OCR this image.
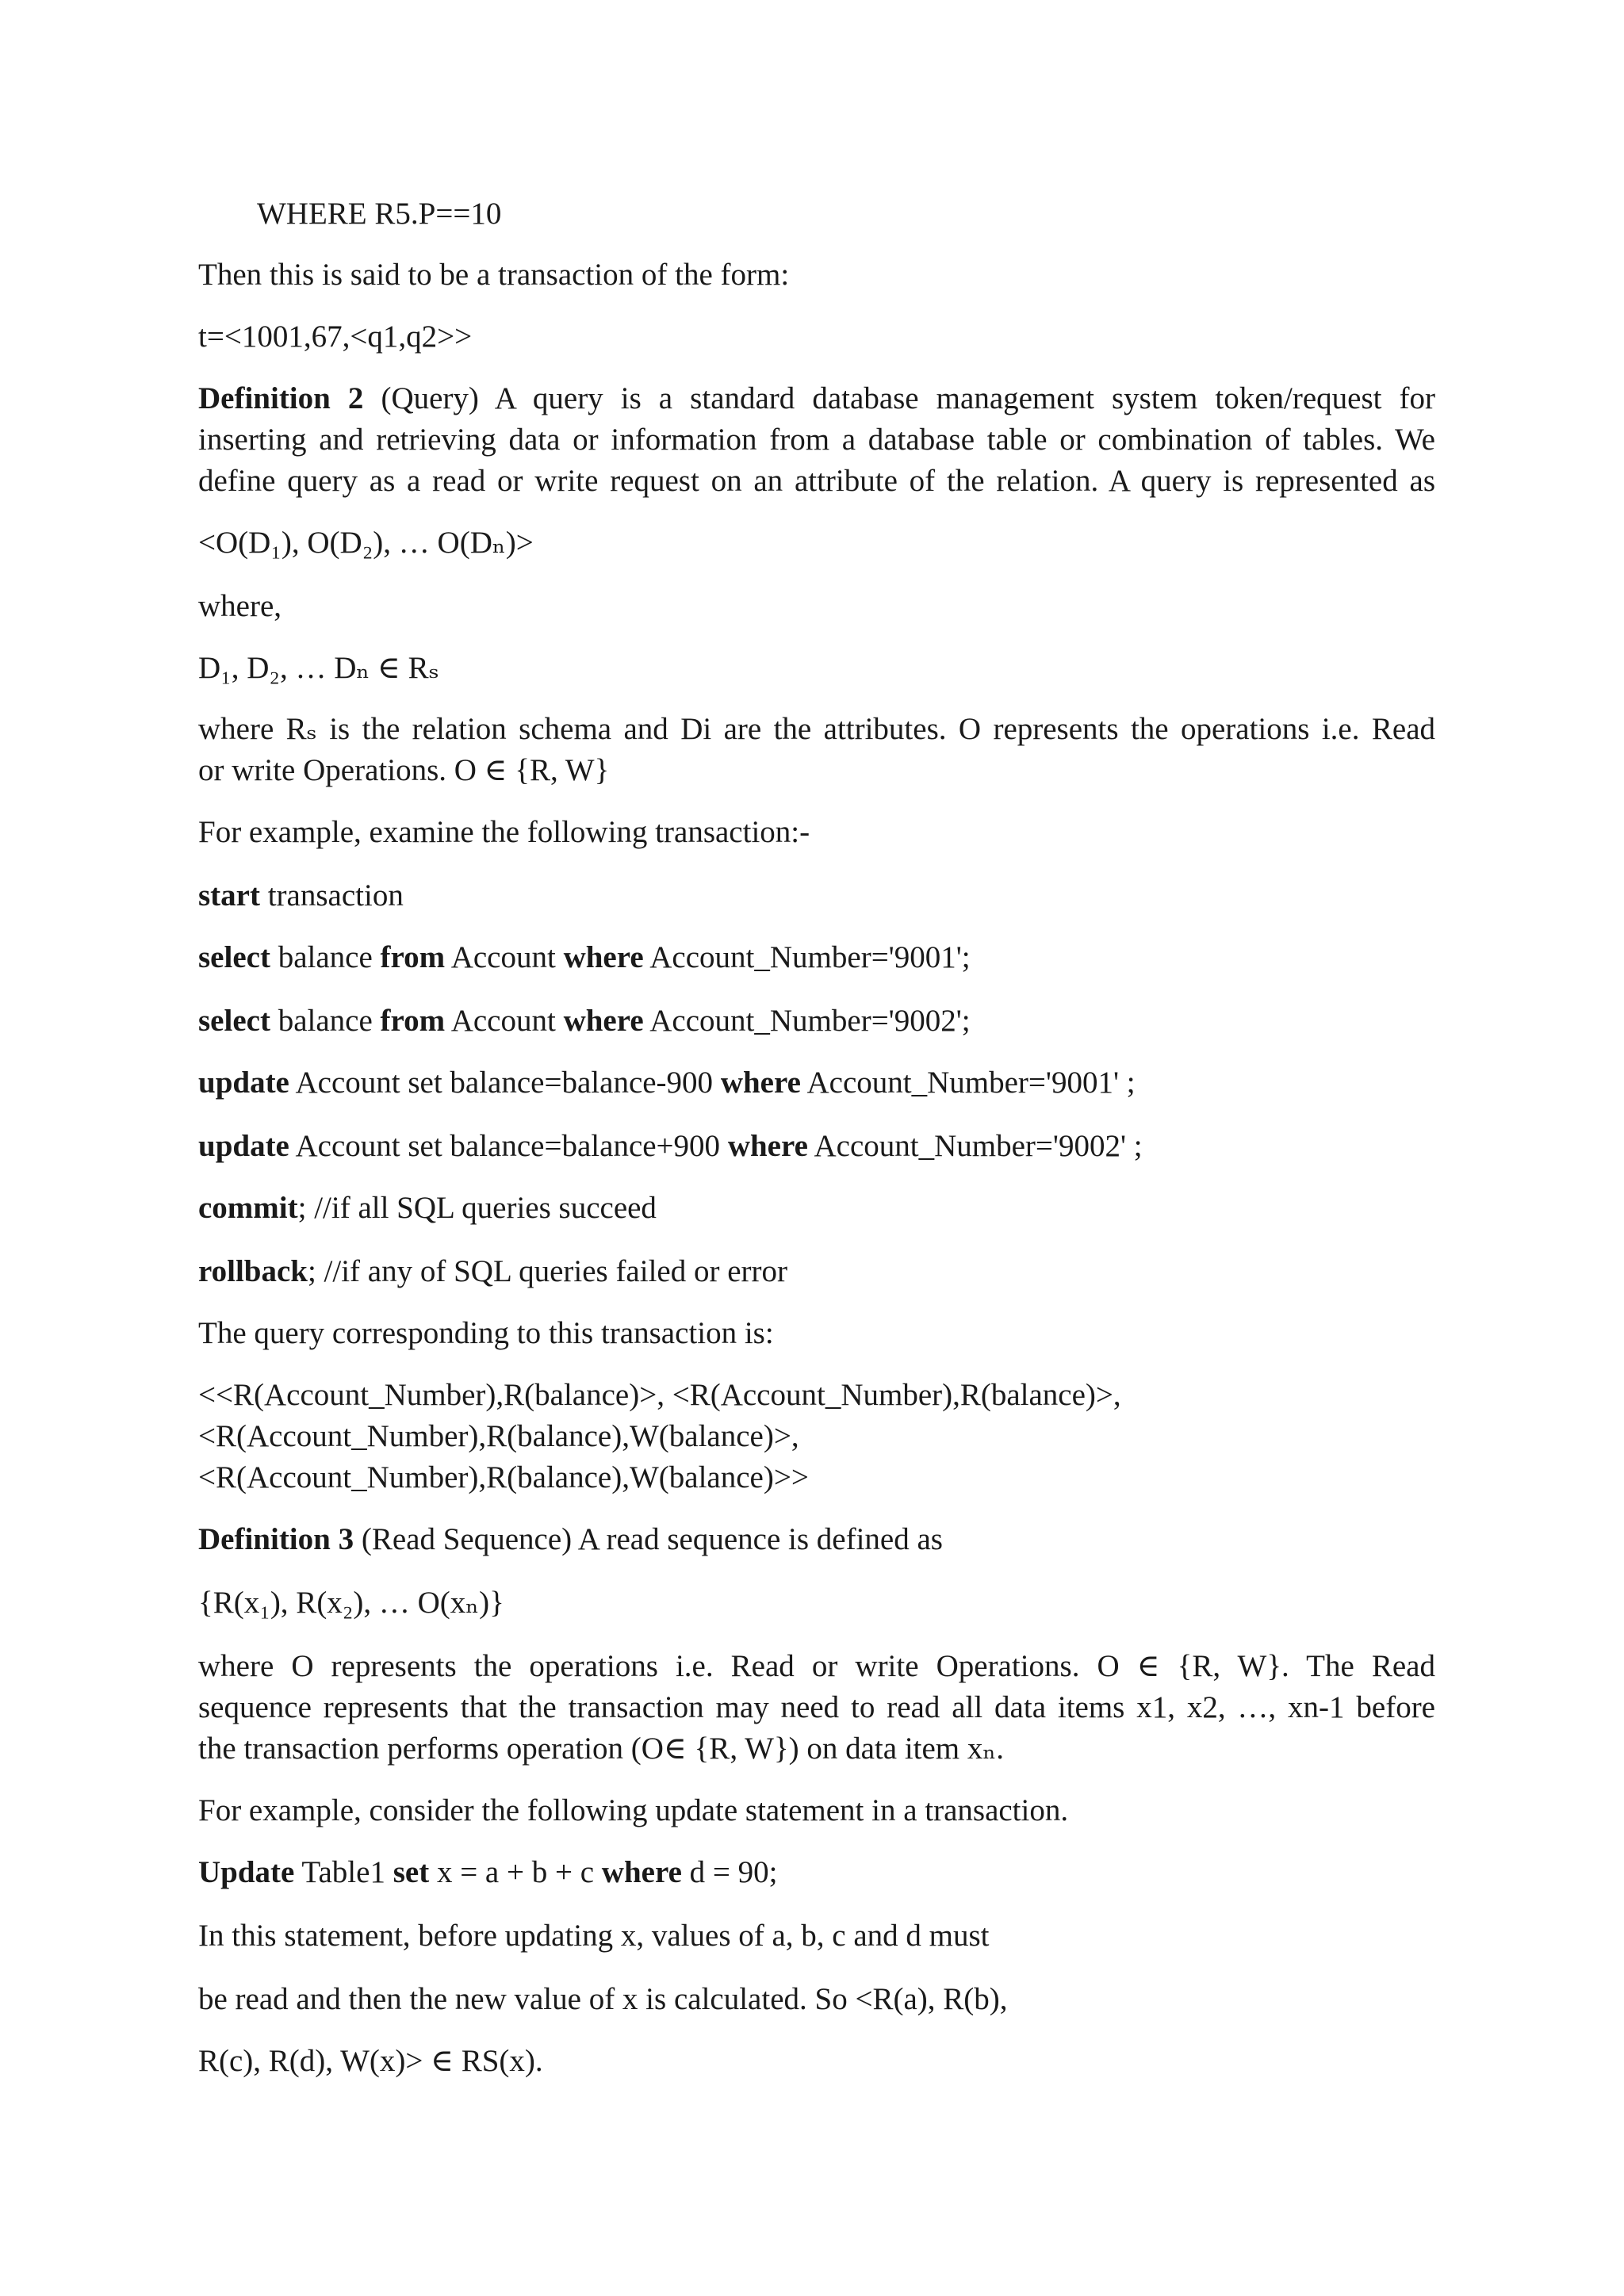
WHERE R5.P==10

Then this is said to be a transaction of the form:

t=<1001,67,<q1,q2>>

Definition 2 (Query) A query is a standard database management system token/request for

inserting and retrieving data or information from a database table or combination of tables. We

define query as a read or write request on an attribute of the relation. A query is represented as

<O(D₁), O(D₂), … O(Dₙ)>

where,

D₁, D₂, … Dₙ ∈ Rₛ

where Rₛ is the relation schema and Di are the attributes. O represents the operations i.e. Read

or write Operations. O ∈ {R, W}

For example, examine the following transaction:-

start transaction

select balance from Account where Account_Number='9001';

select balance from Account where Account_Number='9002';

update Account set balance=balance-900 where Account_Number='9001' ;

update Account set balance=balance+900 where Account_Number='9002' ;

commit; //if all SQL queries succeed

rollback; //if any of SQL queries failed or error

The query corresponding to this transaction is:

<<R(Account_Number),R(balance)>, <R(Account_Number),R(balance)>,

<R(Account_Number),R(balance),W(balance)>,

<R(Account_Number),R(balance),W(balance)>>

Definition 3 (Read Sequence) A read sequence is defined as

{R(x₁), R(x₂), … O(xₙ)}

where O represents the operations i.e. Read or write Operations. O ∈ {R, W}. The Read

sequence represents that the transaction may need to read all data items x1, x2, …, xn-1 before

the transaction performs operation (O∈ {R, W}) on data item xₙ.

For example, consider the following update statement in a transaction.

Update Table1 set x = a + b + c where d = 90;

In this statement, before updating x, values of a, b, c and d must

be read and then the new value of x is calculated. So <R(a), R(b),

R(c), R(d), W(x)> ∈ RS(x).
